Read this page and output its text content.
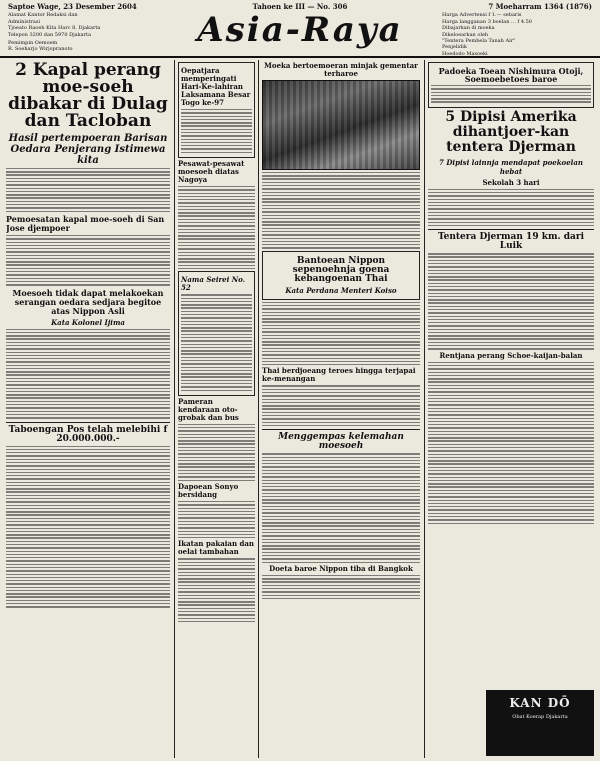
Saptoe Wage, 23 Desember 2604
Alamat Kantor Redaksi dan
Administrasi
Tjoeato Raoeh Kita Harc 8, Djakarta
Telepon 3200 dan 5970 Djakarta
Pemimpin Oemoem
R. Soeharjo Wirjopranoto
Tahoen ke III — No. 306
Asia-Raya
7 Moeharram 1364 (1876)
Harga Advertensi f 1.— sebaris
Harga langganan 3 boelan ... f 4.50
Dibajarkan di moeka
Dikeloearkan oleh
"Tentera Pembela Tanah Air"
Penjelidik
Hoedodo Masoeki
2 Kapal perang moe-soeh dibakar di Dulag dan Tacloban
Hasil pertempoeran Barisan Oedara Penjerang Istimewa kita
Pemoesatan kapal moe-soeh di San Jose djempoer
Moesoeh tidak dapat melakoekan serangan oedara sedjara begitoe atas Nippon Asli
Kata Kolonel Ijima
Taboengan Pos telah melebihi f 20.000.000.-
Oepatjara memperingati Hari-Ke-lahiran Laksamana Besar Togo ke-97
Pesawat-pesawat moesoeh diatas Nagoya
Nama Seirei No. 52
Pameran kendaraan oto-grobak dan bus
Dapoean Sonyo bersidang
Ikatan pakaian dan oelai tambahan
Moeka bertoemoeran minjak gementar terharoe
Bantoean Nippon sepenoehnja goena kebangoenan Thai
Kata Perdana Menteri Koiso
Thai berdjoeang teroes hingga terjapai ke-menangan
Menggempas kelemahan moesoeh
Doeta baroe Nippon tiba di Bangkok
Padoeka Toean Nishimura Otoji, Soemoebetoes baroe
5 Dipisi Amerika dihantjoer-kan tentera Djerman
7 Dipisi lainnja mendapat poekoelan hebat
Sekolah 3 hari
Tentera Djerman 19 km. dari Luik
Rentjana perang Schoe-kaijan-balan
KAN DŌ
Obat Koerap Djakarta
